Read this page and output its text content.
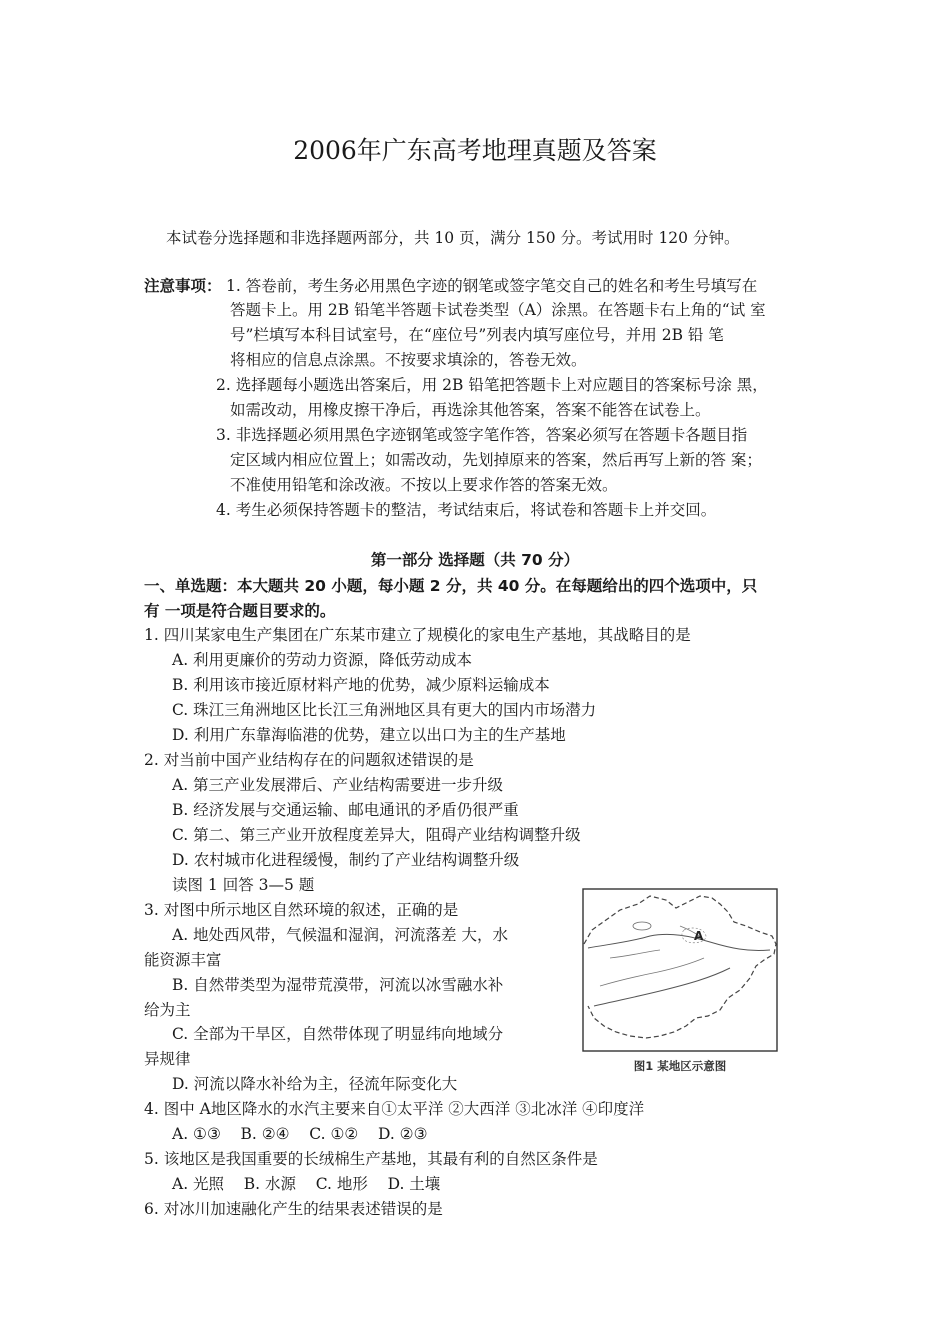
2006年广东高考地理真题及答案
本试卷分选择题和非选择题两部分，共 10 页，满分 150 分。考试用时 120 分钟。
注意事项： 1. 答卷前，考生务必用黑色字迹的钢笔或签字笔交自己的姓名和考生号填写在
答题卡上。用 2B 铅笔半答题卡试卷类型（A）涂黑。在答题卡右上角的“试 室
号”栏填写本科目试室号，在“座位号”列表内填写座位号，并用 2B 铅 笔
将相应的信息点涂黑。不按要求填涂的，答卷无效。
2. 选择题每小题选出答案后，用 2B 铅笔把答题卡上对应题目的答案标号涂 黑，
如需改动，用橡皮擦干净后，再选涂其他答案，答案不能答在试卷上。
3. 非选择题必须用黑色字迹钢笔或签字笔作答，答案必须写在答题卡各题目指
定区域内相应位置上；如需改动，先划掉原来的答案，然后再写上新的答 案；
不准使用铅笔和涂改液。不按以上要求作答的答案无效。
4. 考生必须保持答题卡的整洁，考试结束后，将试卷和答题卡上并交回。
第一部分 选择题（共 70 分）
一、单选题：本大题共 20 小题，每小题 2 分，共 40 分。在每题给出的四个选项中，只
有 一项是符合题目要求的。
1. 四川某家电生产集团在广东某市建立了规模化的家电生产基地，其战略目的是
A. 利用更廉价的劳动力资源，降低劳动成本
B. 利用该市接近原材料产地的优势，减少原料运输成本
C. 珠江三角洲地区比长江三角洲地区具有更大的国内市场潜力
D. 利用广东靠海临港的优势，建立以出口为主的生产基地
2. 对当前中国产业结构存在的问题叙述错误的是
A. 第三产业发展滞后、产业结构需要进一步升级
B. 经济发展与交通运输、邮电通讯的矛盾仍很严重
C. 第二、第三产业开放程度差异大，阻碍产业结构调整升级
D. 农村城市化进程缓慢，制约了产业结构调整升级
读图 1 回答 3—5 题
3. 对图中所示地区自然环境的叙述，正确的是
A. 地处西风带，气候温和湿润，河流落差 大，水
能资源丰富
B. 自然带类型为湿带荒漠带，河流以冰雪融水补
给为主
C. 全部为干旱区，自然带体现了明显纬向地域分
异规律
D. 河流以降水补给为主，径流年际变化大
A
图1 某地区示意图
4. 图中 A地区降水的水汽主要来自①太平洋 ②大西洋 ③北冰洋 ④印度洋
A. ①③    B. ②④    C. ①②    D. ②③
5. 该地区是我国重要的长绒棉生产基地，其最有利的自然区条件是
A. 光照    B. 水源    C. 地形    D. 土壤
6. 对冰川加速融化产生的结果表述错误的是
